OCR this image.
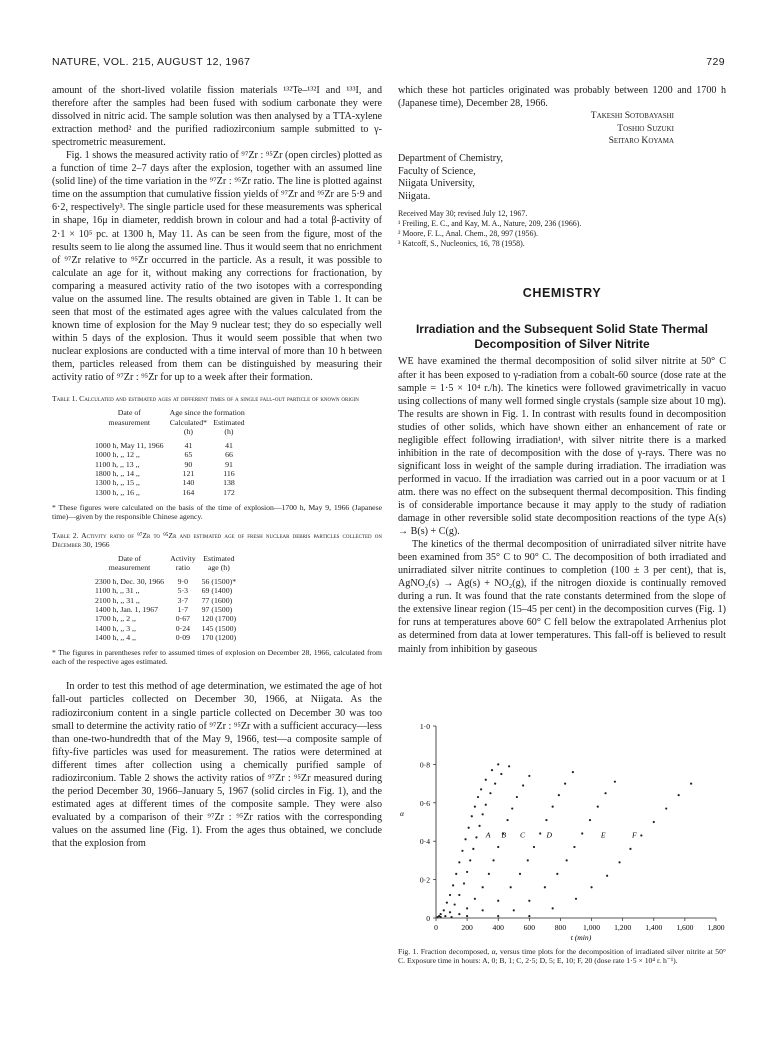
NATURE, VOL. 215, AUGUST 12, 1967	729

amount of the short-lived volatile fission materials ¹³²Te–¹³²I and ¹³³I, and therefore after the samples had been fused with sodium carbonate they were dissolved in nitric acid. The sample solution was then analysed by a TTA-xylene extraction method² and the purified radiozirconium sample submitted to γ-spectrometric measurement.

Fig. 1 shows the measured activity ratio of ⁹⁷Zr : ⁹⁵Zr (open circles) plotted as a function of time 2–7 days after the explosion, together with an assumed line (solid line) of the time variation in the ⁹⁷Zr : ⁹⁵Zr ratio. The line is plotted against time on the assumption that cumulative fission yields of ⁹⁷Zr and ⁹⁵Zr are 5·9 and 6·2, respectively³. The single particle used for these measurements was spherical in shape, 16μ in diameter, reddish brown in colour and had a total β-activity of 2·1 × 10⁵ pc. at 1300 h, May 11. As can be seen from the figure, most of the results seem to lie along the assumed line. Thus it would seem that no enrichment of ⁹⁷Zr relative to ⁹⁵Zr occurred in the particle. As a result, it was possible to calculate an age for it, without making any corrections for fractionation, by comparing a measured activity ratio of the two isotopes with a corresponding value on the assumed line. The results obtained are given in Table 1. It can be seen that most of the estimated ages agree with the values calculated from the known time of explosion for the May 9 nuclear test; they do so especially well within 5 days of the explosion. Thus it would seem possible that when two nuclear explosions are conducted with a time interval of more than 10 h between them, particles released from them can be distinguished by measuring their activity ratio of ⁹⁷Zr : ⁹⁵Zr for up to a week after their formation.

Table 1. Calculated and estimated ages at different times of a single fall-out particle of known origin
Date of	Age since the formation	
measurement	Calculated*	Estimated
	(h)	(h)

1000 h, May 11, 1966	41	41
1000 h, ,, 12 ,,	65	66
1100 h, ,, 13 ,,	90	91
1800 h, ,, 14 ,,	121	116
1300 h, ,, 15 ,,	140	138
1300 h, ,, 16 ,,	164	172
* These figures were calculated on the basis of the time of explosion—1700 h, May 9, 1966 (Japanese time)—given by the responsible Chinese agency.
Table 2. Activity ratio of ⁹⁷Zr to ⁹⁵Zr and estimated age of fresh nuclear debris particles collected on December 30, 1966
Date of	Activity	Estimated
measurement	ratio	age (h)

2300 h, Dec. 30, 1966	9·0	56 (1500)*
1100 h, ,, 31 ,,	5·3	69 (1400)
2100 h, ,, 31 ,,	3·7	77 (1600)
1400 h, Jan. 1, 1967	1·7	97 (1500)
1700 h, ,, 2 ,,	0·67	120 (1700)
1400 h, ,, 3 ,,	0·24	145 (1500)
1400 h, ,, 4 ,,	0·09	170 (1200)
* The figures in parentheses refer to assumed times of explosion on December 28, 1966, calculated from each of the respective ages estimated.

In order to test this method of age determination, we estimated the age of hot fall-out particles collected on December 30, 1966, at Niigata. As the radiozirconium content in a single particle collected on December 30 was too small to determine the activity ratio of ⁹⁷Zr : ⁹⁵Zr with a sufficient accuracy—less than one-two-hundredth that of the May 9, 1966, test—a composite sample of fifty-five particles was used for measurement. The ratios were determined at different times after collection using a chemically purified sample of radiozirconium. Table 2 shows the activity ratios of ⁹⁷Zr : ⁹⁵Zr measured during the period December 30, 1966–January 5, 1967 (solid circles in Fig. 1), and the estimated ages at different times of the composite sample. They were also evaluated by a comparison of their ⁹⁷Zr : ⁹⁵Zr ratios with the corresponding values on the assumed line (Fig. 1). From the ages thus obtained, we conclude that the explosion from

which these hot particles originated was probably between 1200 and 1700 h (Japanese time), December 28, 1966.

Takeshi Sotobayashi
Toshio Suzuki
Seitaro Koyama
Department of Chemistry,
Faculty of Science,
Niigata University,
Niigata.
Received May 30; revised July 12, 1967.
¹ Freiling, E. C., and Kay, M. A., Nature, 209, 236 (1966).
² Moore, F. L., Anal. Chem., 28, 997 (1956).
³ Katcoff, S., Nucleonics, 16, 78 (1958).
CHEMISTRY
Irradiation and the Subsequent Solid State Thermal Decomposition of Silver Nitrite

WE have examined the thermal decomposition of solid silver nitrite at 50° C after it has been exposed to γ-radiation from a cobalt-60 source (dose rate at the sample = 1·5 × 10⁴ r./h). The kinetics were followed gravimetrically in vacuo using collections of many well formed single crystals (sample size about 10 mg). The results are shown in Fig. 1. In contrast with results found in decomposition studies of other solids, which have shown either an enhancement of rate or negligible effect following irradiation¹, with silver nitrite there is a marked inhibition in the rate of decomposition with the dose of γ-rays. There was no significant loss in weight of the sample during irradiation. The irradiation was performed in vacuo. If the irradiation was carried out in a poor vacuum or at 1 atm. there was no effect on the subsequent thermal decomposition. This finding is of considerable importance because it may apply to the study of radiation damage in other reversible solid state decomposition reactions of the type A(s) → B(s) + C(g).

The kinetics of the thermal decomposition of unirradiated silver nitrite have been examined from 35° C to 90° C. The decomposition of both irradiated and unirradiated silver nitrite continues to completion (100 ± 3 per cent), that is, AgNO₂(s) → Ag(s) + NO₂(g), if the nitrogen dioxide is continually removed during a run. It was found that the rate constants determined from the slope of the extensive linear region (15–45 per cent) in the decomposition curves (Fig. 1) for runs at temperatures above 60° C fell below the extrapolated Arrhenius plot as determined from data at lower temperatures. This fall-off is believed to result mainly from inhibition by gaseous

0	200	400	600	800 1,000 1,200 1,400 1,600 1,800
0
0·2
0·4
0·6
0·8
1·0
A B C	D	E	F
α
t (min)
Fig. 1. Fraction decomposed, α, versus time plots for the decomposition of irradiated silver nitrite at 50° C. Exposure time in hours: A, 0; B, 1; C, 2·5; D, 5; E, 10; F, 20 (dose rate 1·5 × 10⁴ r. h⁻¹).
